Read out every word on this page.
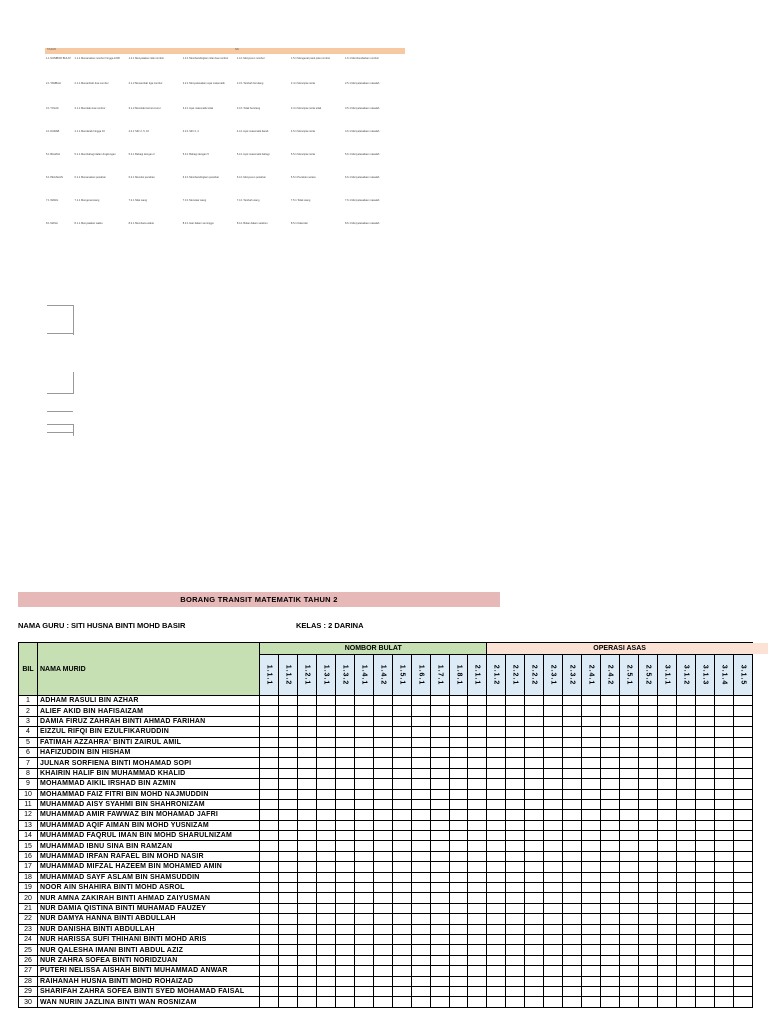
TAJUK	SK
1.1 NOMBOR BULAT	1.1.1 Menamakan nombor hingga 1000	1.2.1 Menyatakan nilai nombor	1.3.1 Membandingkan nilai dua nombor	1.4.1 Menyusun nombor	1.5.1 Mengenal pasti pola nombor	1.6.1 Membundarkan nombor
2.1 TAMBAH	2.1.1 Menambah dua nombor	2.1.2 Menambah tiga nombor	2.2.1 Menyelesaikan ayat matematik	2.3.1 Tambah berulang	2.4.1 Mencipta cerita	2.5.1 Menyelesaikan masalah
3.1 TOLAK	3.1.1 Menolak dua nombor	3.1.2 Menolak berturut-turut	3.2.1 Ayat matematik tolak	3.3.1 Tolak berulang	3.4.1 Mencipta cerita tolak	3.5.1 Menyelesaikan masalah
4.1 DARAB	4.1.1 Mendarab hingga 10	4.2.1 Sifir 2, 5, 10	4.3.1 Sifir 3, 4	4.4.1 Ayat matematik darab	4.5.1 Mencipta cerita	4.6.1 Menyelesaikan masalah
5.1 BAHAGI	5.1.1 Membahagi dalam lingkungan	5.2.1 Bahagi dengan 2	5.3.1 Bahagi dengan 5	5.4.1 Ayat matematik bahagi	5.5.1 Mencipta cerita	5.6.1 Menyelesaikan masalah
6.1 PECAHAN	6.1.1 Menamakan pecahan	6.2.1 Menulis pecahan	6.3.1 Membandingkan pecahan	6.4.1 Menyusun pecahan	6.5.1 Pecahan setara	6.6.1 Menyelesaikan masalah
7.1 WANG	7.1.1 Mengenal wang	7.2.1 Nilai wang	7.3.1 Menukar wang	7.4.1 Tambah wang	7.5.1 Tolak wang	7.6.1 Menyelesaikan masalah
8.1 MASA	8.1.1 Menyatakan waktu	8.2.1 Membaca waktu	8.3.1 Hari dalam seminggu	8.4.1 Bulan dalam setahun	8.5.1 Kalendar	8.6.1 Menyelesaikan masalah
BORANG TRANSIT MATEMATIK TAHUN 2
NAMA GURU : SITI HUSNA BINTI MOHD BASIR	KELAS : 2 DARINA
BIL	NAMA MURID	NOMBOR BULAT												OPERASI ASAS													

		1.1.1	1.1.2	1.2.1	1.3.1	1.3.2	1.4.1	1.4.2	1.5.1	1.6.1	1.7.1	1.8.1	2.1.1	2.1.2	2.2.1	2.2.2	2.3.1	2.3.2	2.4.1	2.4.2	2.5.1	2.5.2	3.1.1	3.1.2	3.1.3	3.1.4	3.1.5

1	ADHAM RASULI BIN AZHAR																										
2	ALIEF AKID BIN HAFISAIZAM																										
3	DAMIA FIRUZ ZAHRAH BINTI AHMAD FARIHAN																										
4	EIZZUL RIFQI BIN EZULFIKARUDDIN																										
5	FATIMAH AZZAHRA' BINTI ZAIRUL AMIL																										
6	HAFIZUDDIN BIN HISHAM																										
7	JULNAR SORFIENA BINTI MOHAMAD SOPI																										
8	KHAIRIN HALIF BIN MUHAMMAD KHALID																										
9	MOHAMMAD AIKIL IRSHAD BIN AZMIN																										
10	MOHAMMAD FAIZ FITRI BIN MOHD NAJMUDDIN																										
11	MUHAMMAD AISY SYAHMI BIN SHAHRONIZAM																										
12	MUHAMMAD AMIR FAWWAZ BIN MOHAMAD JAFRI																										
13	MUHAMMAD AQIF AIMAN BIN MOHD YUSNIZAM																										
14	MUHAMMAD FAQRUL IMAN BIN MOHD SHARULNIZAM																										
15	MUHAMMAD IBNU SINA BIN RAMZAN																										
16	MUHAMMAD IRFAN RAFAEL BIN MOHD NASIR																										
17	MUHAMMAD MIFZAL HAZEEM BIN MOHAMED AMIN																										
18	MUHAMMAD SAYF ASLAM BIN SHAMSUDDIN																										
19	NOOR AIN SHAHIRA BINTI MOHD ASROL																										
20	NUR AMNA ZAKIRAH BINTI AHMAD ZAIYUSMAN																										
21	NUR DAMIA QISTINA BINTI MUHAMAD FAUZEY																										
22	NUR DAMYA HANNA BINTI ABDULLAH																										
23	NUR DANISHA BINTI ABDULLAH																										
24	NUR HARISSA SUFI THIHANI BINTI MOHD ARIS																										
25	NUR QALESHA IMANI BINTI ABDUL AZIZ																										
26	NUR ZAHRA SOFEA BINTI NORIDZUAN																										
27	PUTERI NELISSA AISHAH BINTI MUHAMMAD ANWAR																										
28	RAIHANAH HUSNA BINTI MOHD ROHAIZAD																										
29	SHARIFAH ZAHRA SOFEA BINTI SYED MOHAMAD FAISAL																										
30	WAN NURIN JAZLINA BINTI WAN ROSNIZAM																										
